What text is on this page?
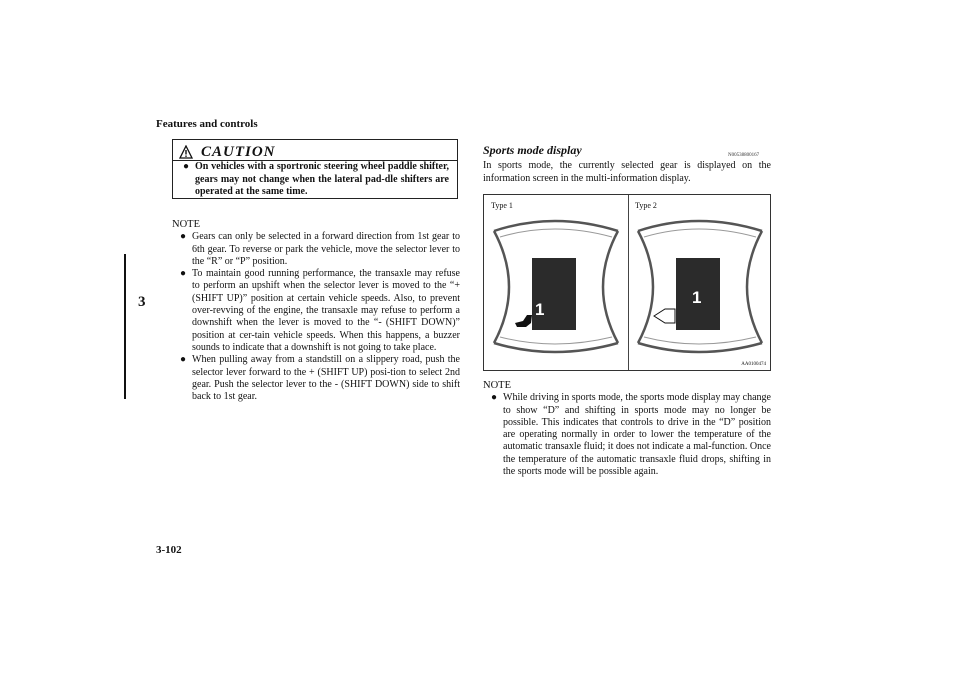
Features and controls
3
3-102
CAUTION
● On vehicles with a sportronic steering wheel paddle shifter, gears may not change when the lateral pad-dle shifters are operated at the same time.
NOTE
● Gears can only be selected in a forward direction from 1st gear to 6th gear. To reverse or park the vehicle, move the selector lever to the “R” or “P” position.
● To maintain good running performance, the transaxle may refuse to perform an upshift when the selector lever is moved to the “+ (SHIFT UP)” position at certain vehicle speeds. Also, to prevent over-revving of the engine, the transaxle may refuse to perform a downshift when the lever is moved to the “- (SHIFT DOWN)” position at cer-tain vehicle speeds. When this happens, a buzzer sounds to indicate that a downshift is not going to take place.
● When pulling away from a standstill on a slippery road, push the selector lever forward to the + (SHIFT UP) posi-tion to select 2nd gear. Push the selector lever to the - (SHIFT DOWN) side to shift back to 1st gear.
Sports mode display	N00538800167
In sports mode, the currently selected gear is displayed on the information screen in the multi-information display.
Type 1	Type 2
1
1
AA0100474
NOTE
● While driving in sports mode, the sports mode display may change to show “D” and shifting in sports mode may no longer be possible. This indicates that controls to drive in the “D” position are operating normally in order to lower the temperature of the automatic transaxle fluid; it does not indicate a mal-function. Once the temperature of the automatic transaxle fluid drops, shifting in the sports mode will be possible again.
